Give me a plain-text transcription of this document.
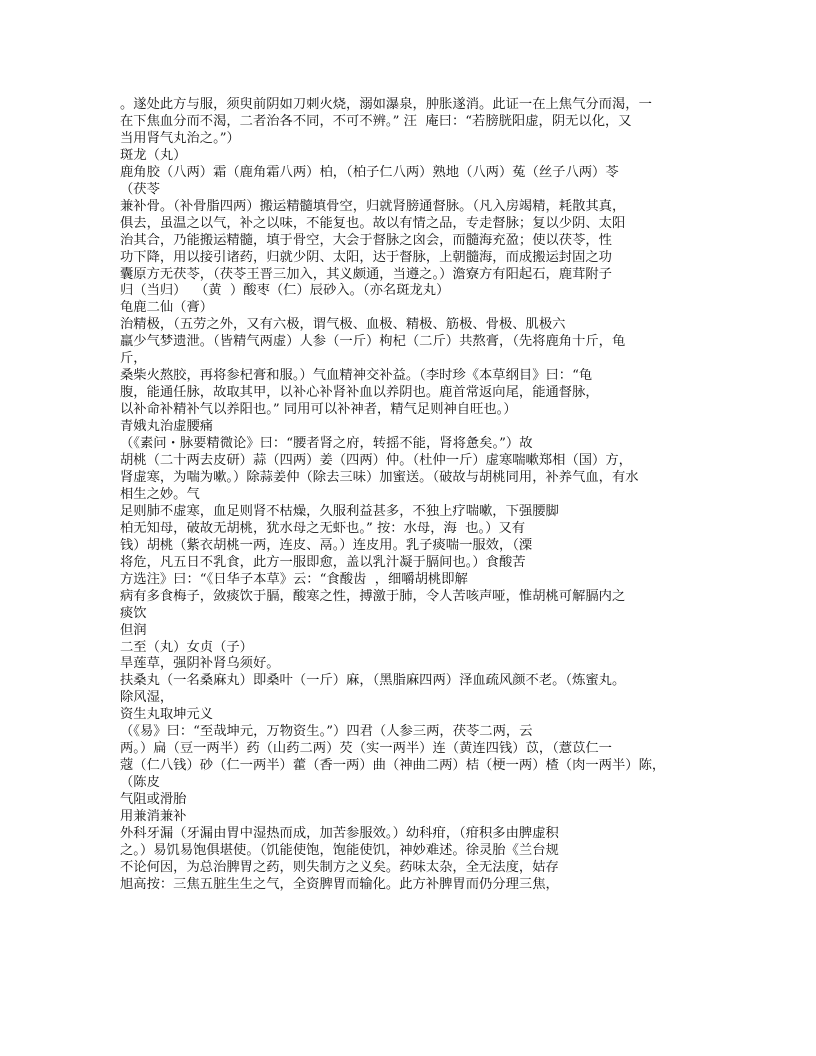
。遂处此方与服，须臾前阴如刀刺火烧，溺如瀑泉，肿胀遂消。此证一在上焦气分而渴，一
在下焦血分而不渴，二者治各不同，不可不辨。” 汪  庵曰：“若膀胱阳虚，阴无以化，又
当用肾气丸治之。”）
斑龙（丸）
鹿角胶（八两）霜（鹿角霜八两）柏，（柏子仁八两）熟地（八两）菟（丝子八两）苓
（茯苓
兼补骨。（补骨脂四两）搬运精髓填骨空，归就肾膀通督脉。（凡入房竭精，耗散其真，
俱去，虽温之以气，补之以味，不能复也。故以有情之品，专走督脉；复以少阴、太阳
治其合，乃能搬运精髓，填于骨空，大会于督脉之囟会，而髓海充盈；使以茯苓，性
功下降，用以接引诸药，归就少阴、太阳，达于督脉，上朝髓海，而成搬运封固之功
囊原方无茯苓，（茯苓王晋三加入，其义颇通，当遵之。）澹寮方有阳起石，鹿茸附子
归（当归）  （黄  ）酸枣（仁）辰砂入。（亦名斑龙丸）
龟鹿二仙（膏）
治精极，（五劳之外，又有六极，谓气极、血极、精极、筋极、骨极、肌极六
羸少气梦遗泄。（皆精气两虚）人参（一斤）枸杞（二斤）共熬膏，（先将鹿角十斤，龟
斤，
桑柴火熬胶，再将参杞膏和服。）气血精神交补益。（李时珍《本草纲目》曰：“龟
腹，能通任脉，故取其甲，以补心补肾补血以养阴也。鹿首常返向尾，能通督脉，
以补命补精补气以养阳也。” 同用可以补神者，精气足则神自旺也。）
青娥丸治虚腰痛
（《素问・脉要精微论》曰：“腰者肾之府，转摇不能，肾将惫矣。”）故
胡桃（二十两去皮研）蒜（四两）姜（四两）仲。（杜仲一斤）虚寒喘嗽郑相（国）方，
肾虚寒，为喘为嗽。）除蒜姜仲（除去三味）加蜜送。（破故与胡桃同用，补养气血，有水
相生之妙。气
足则肺不虚寒，血足则肾不枯燥，久服利益甚多，不独上疗喘嗽，下强腰脚
柏无知母，破故无胡桃，犹水母之无虾也。” 按：水母，海  也。）又有
钱）胡桃（紫衣胡桃一两，连皮、鬲。）连皮用。乳子痰喘一服效，（溧
将危，凡五日不乳食，此方一服即愈，盖以乳汁凝于膈间也。）食酸苦
方选注》曰：“《日华子本草》云：“食酸齿  ，细嚼胡桃即解
病有多食梅子，敛痰饮于膈，酸寒之性，搏激于肺，令人苦咳声哑，惟胡桃可解膈内之
痰饮
但润
二至（丸）女贞（子）
旱莲草，强阴补肾乌须好。
扶桑丸（一名桑麻丸）即桑叶（一斤）麻，（黑脂麻四两）泽血疏风颜不老。（炼蜜丸。
除风湿，
资生丸取坤元义
（《易》曰：“至哉坤元，万物资生。”）四君（人参三两，茯苓二两，云
两。）扁（豆一两半）药（山药二两）芡（实一两半）连（黄连四钱）苡，（薏苡仁一
蔻（仁八钱）砂（仁一两半）藿（香一两）曲（神曲二两）桔（梗一两）楂（肉一两半）陈，
（陈皮
气阻或滑胎
用兼消兼补
外科牙漏（牙漏由胃中湿热而成，加苦参服效。）幼科疳，（疳积多由脾虚积
之。）易饥易饱俱堪使。（饥能使饱，饱能使饥，神妙难述。徐灵胎《兰台规
不论何因，为总治脾胃之药，则失制方之义矣。药味太杂，全无法度，姑存
旭高按：三焦五脏生生之气，全资脾胃而输化。此方补脾胃而仍分理三焦，
